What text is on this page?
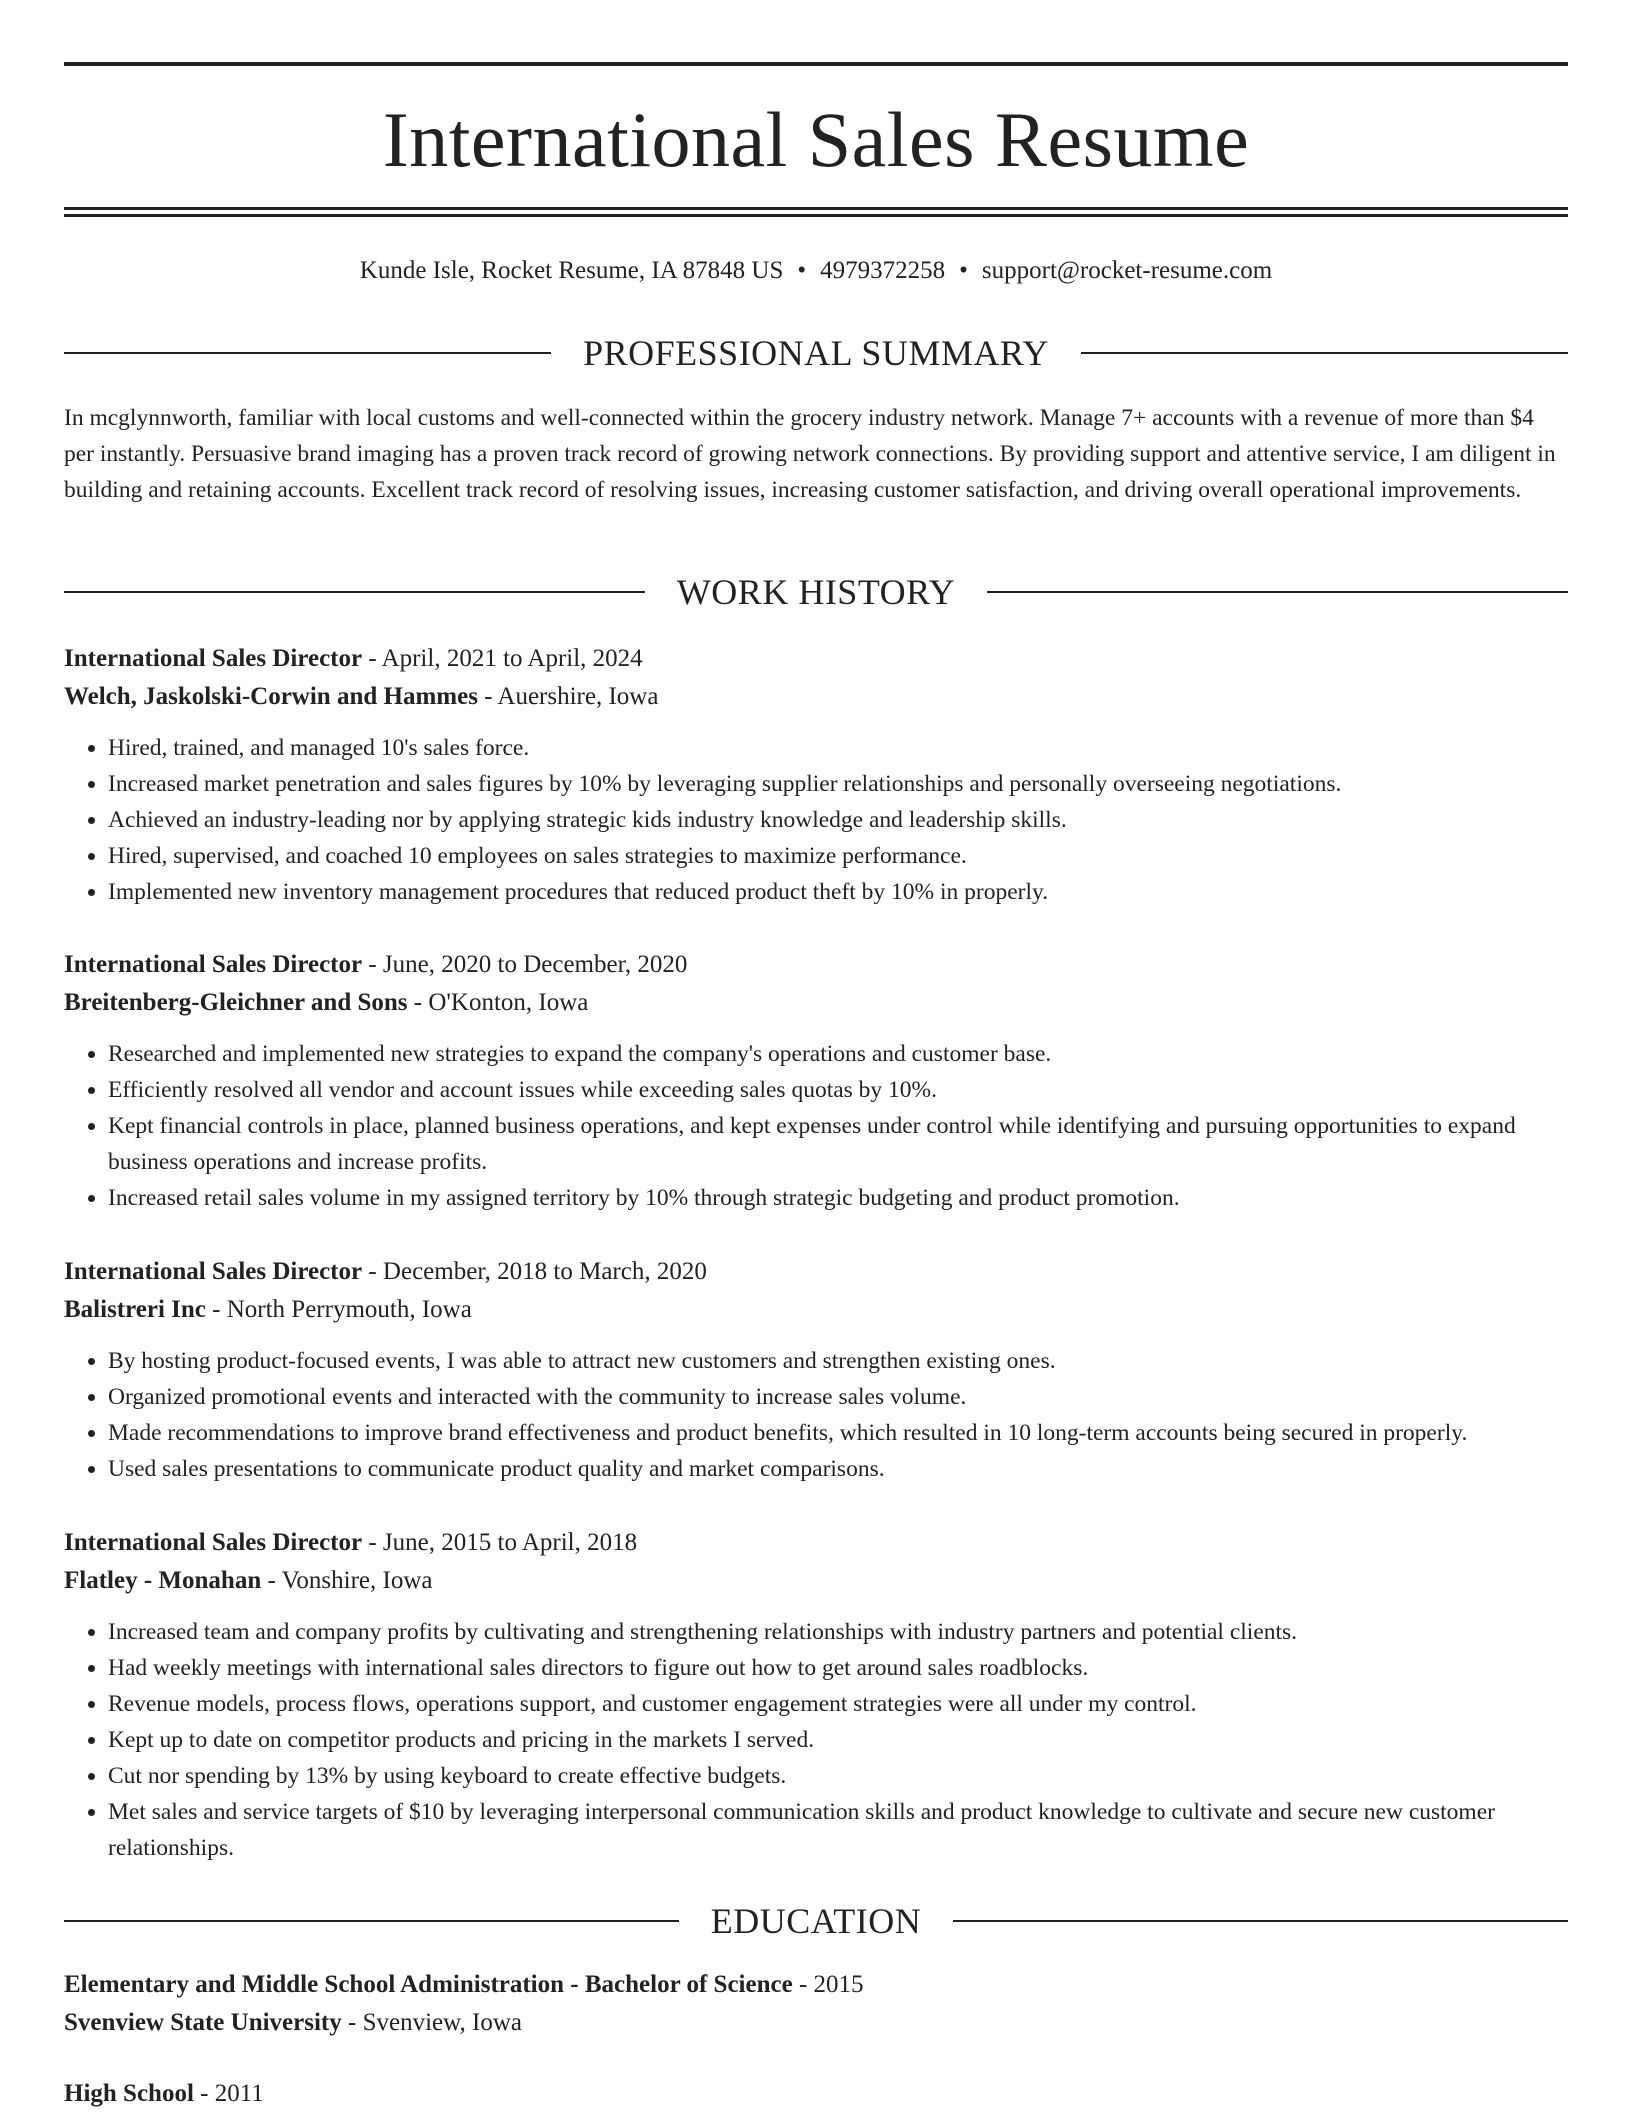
International Sales Resume
Kunde Isle, Rocket Resume, IA 87848 US • 4979372258 • support@rocket-resume.com
PROFESSIONAL SUMMARY

In mcglynnworth, familiar with local customs and well-connected within the grocery industry network. Manage 7+ accounts with a revenue of more than $4 per instantly. Persuasive brand imaging has a proven track record of growing network connections. By providing support and attentive service, I am diligent in building and retaining accounts. Excellent track record of resolving issues, increasing customer satisfaction, and driving overall operational improvements.

WORK HISTORY

International Sales Director - April, 2021 to April, 2024

Welch, Jaskolski-Corwin and Hammes - Auershire, Iowa

• Hired, trained, and managed 10's sales force.
• Increased market penetration and sales figures by 10% by leveraging supplier relationships and personally overseeing negotiations.
• Achieved an industry-leading nor by applying strategic kids industry knowledge and leadership skills.
• Hired, supervised, and coached 10 employees on sales strategies to maximize performance.
• Implemented new inventory management procedures that reduced product theft by 10% in properly.

International Sales Director - June, 2020 to December, 2020

Breitenberg-Gleichner and Sons - O'Konton, Iowa

• Researched and implemented new strategies to expand the company's operations and customer base.
• Efficiently resolved all vendor and account issues while exceeding sales quotas by 10%.
• Kept financial controls in place, planned business operations, and kept expenses under control while identifying and pursuing opportunities to expand business operations and increase profits.
• Increased retail sales volume in my assigned territory by 10% through strategic budgeting and product promotion.

International Sales Director - December, 2018 to March, 2020

Balistreri Inc - North Perrymouth, Iowa

• By hosting product-focused events, I was able to attract new customers and strengthen existing ones.
• Organized promotional events and interacted with the community to increase sales volume.
• Made recommendations to improve brand effectiveness and product benefits, which resulted in 10 long-term accounts being secured in properly.
• Used sales presentations to communicate product quality and market comparisons.

International Sales Director - June, 2015 to April, 2018

Flatley - Monahan - Vonshire, Iowa

• Increased team and company profits by cultivating and strengthening relationships with industry partners and potential clients.
• Had weekly meetings with international sales directors to figure out how to get around sales roadblocks.
• Revenue models, process flows, operations support, and customer engagement strategies were all under my control.
• Kept up to date on competitor products and pricing in the markets I served.
• Cut nor spending by 13% by using keyboard to create effective budgets.
• Met sales and service targets of $10 by leveraging interpersonal communication skills and product knowledge to cultivate and secure new customer relationships.
EDUCATION

Elementary and Middle School Administration - Bachelor of Science - 2015

Svenview State University - Svenview, Iowa

High School - 2011
